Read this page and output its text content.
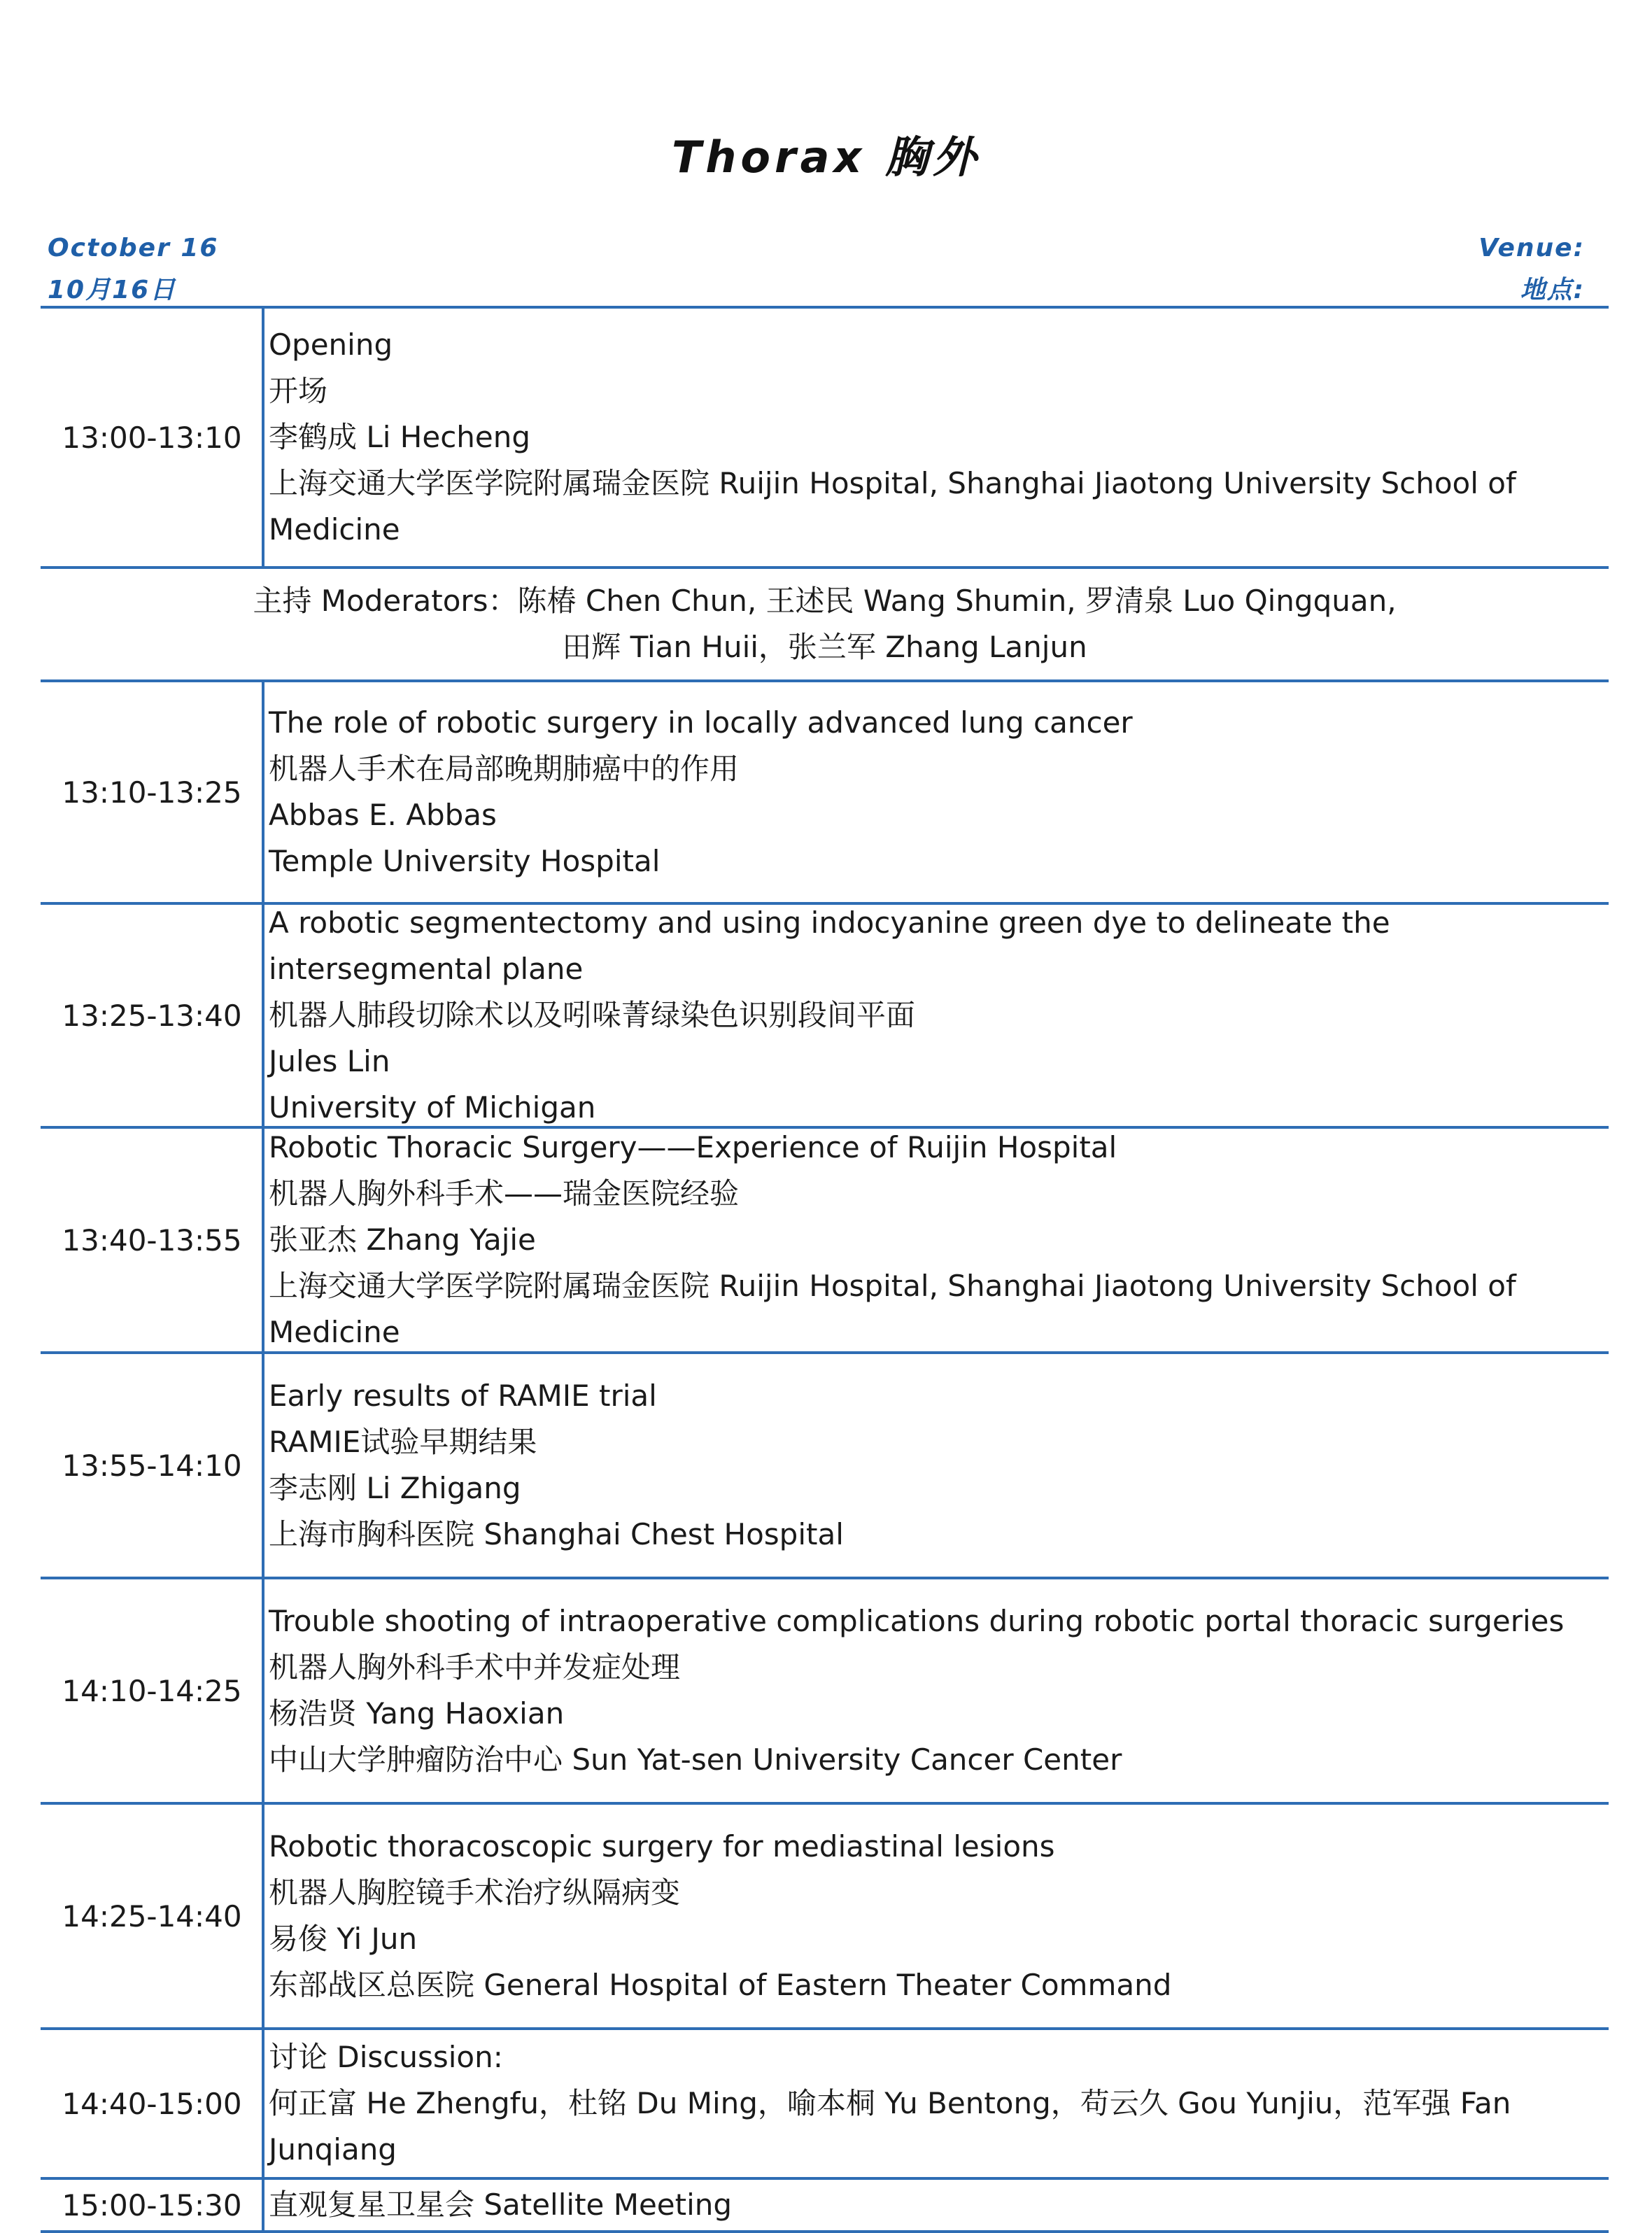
Thorax 胸外
October 16
10月16日
Venue:
地点:
13:00-13:10
Opening
开场
李鹤成 Li Hecheng
上海交通大学医学院附属瑞金医院 Ruijin Hospital, Shanghai Jiaotong University School of Medicine
主持 Moderators：陈椿 Chen Chun, 王述民 Wang Shumin, 罗清泉 Luo Qingquan,
田辉 Tian Huii，张兰军 Zhang Lanjun
13:10-13:25
The role of robotic surgery in locally advanced lung cancer
机器人手术在局部晚期肺癌中的作用
Abbas E. Abbas
Temple University Hospital
13:25-13:40
A robotic segmentectomy and using indocyanine green dye to delineate the intersegmental plane
机器人肺段切除术以及吲哚菁绿染色识别段间平面
Jules Lin
University of Michigan
13:40-13:55
Robotic Thoracic Surgery——Experience of Ruijin Hospital
机器人胸外科手术——瑞金医院经验
张亚杰 Zhang Yajie
上海交通大学医学院附属瑞金医院 Ruijin Hospital, Shanghai Jiaotong University School of Medicine
13:55-14:10
Early results of RAMIE trial
RAMIE试验早期结果
李志刚 Li Zhigang
上海市胸科医院 Shanghai Chest Hospital
14:10-14:25
Trouble shooting of intraoperative complications during robotic portal thoracic surgeries
机器人胸外科手术中并发症处理
杨浩贤 Yang Haoxian
中山大学肿瘤防治中心 Sun Yat-sen University Cancer Center
14:25-14:40
Robotic thoracoscopic surgery for mediastinal lesions
机器人胸腔镜手术治疗纵隔病变
易俊 Yi Jun
东部战区总医院 General Hospital of Eastern Theater Command
14:40-15:00
讨论 Discussion:
何正富 He Zhengfu，杜铭 Du Ming，喻本桐 Yu Bentong，苟云久 Gou Yunjiu，范军强 Fan Junqiang
15:00-15:30 直观复星卫星会 Satellite Meeting
